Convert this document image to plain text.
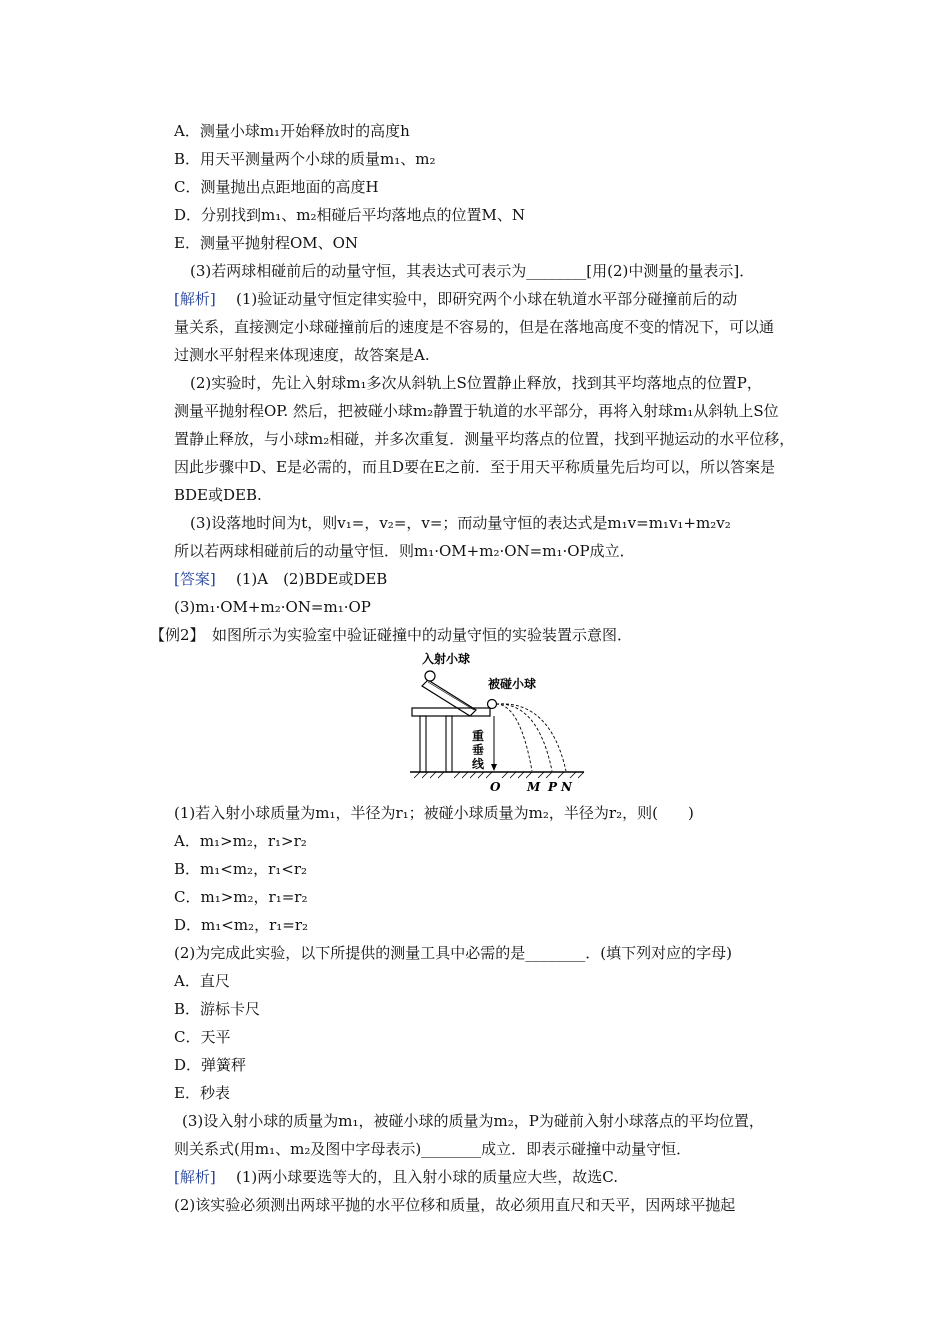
A．测量小球m₁开始释放时的高度h
B．用天平测量两个小球的质量m₁、m₂
C．测量抛出点距地面的高度H
D．分别找到m₁、m₂相碰后平均落地点的位置M、N
E．测量平抛射程OM、ON
(3)若两球相碰前后的动量守恒，其表达式可表示为________[用(2)中测量的量表示]．
[解析] (1)验证动量守恒定律实验中，即研究两个小球在轨道水平部分碰撞前后的动
量关系，直接测定小球碰撞前后的速度是不容易的，但是在落地高度不变的情况下，可以通
过测水平射程来体现速度，故答案是A.
(2)实验时，先让入射球m₁多次从斜轨上S位置静止释放，找到其平均落地点的位置P，
测量平抛射程OP. 然后，把被碰小球m₂静置于轨道的水平部分，再将入射球m₁从斜轨上S位
置静止释放，与小球m₂相碰，并多次重复．测量平均落点的位置，找到平抛运动的水平位移，
因此步骤中D、E是必需的，而且D要在E之前．至于用天平称质量先后均可以，所以答案是
BDE或DEB.
(3)设落地时间为t，则v₁=，v₂=，v=；而动量守恒的表达式是m₁v=m₁v₁+m₂v₂
所以若两球相碰前后的动量守恒．则m₁·OM+m₂·ON=m₁·OP成立．
[答案] (1)A　(2)BDE或DEB
(3)m₁·OM+m₂·ON=m₁·OP
【例2】　如图所示为实验室中验证碰撞中的动量守恒的实验装置示意图．
入射小球
被碰小球
重
垂
线
O M P N
(1)若入射小球质量为m₁，半径为r₁；被碰小球质量为m₂，半径为r₂，则(　　)
A．m₁>m₂，r₁>r₂
B．m₁<m₂，r₁<r₂
C．m₁>m₂，r₁=r₂
D．m₁<m₂，r₁=r₂
(2)为完成此实验，以下所提供的测量工具中必需的是________．(填下列对应的字母)
A．直尺
B．游标卡尺
C．天平
D．弹簧秤
E．秒表
(3)设入射小球的质量为m₁，被碰小球的质量为m₂，P为碰前入射小球落点的平均位置，
则关系式(用m₁、m₂及图中字母表示)________成立．即表示碰撞中动量守恒．
[解析] (1)两小球要选等大的，且入射小球的质量应大些，故选C.
(2)该实验必须测出两球平抛的水平位移和质量，故必须用直尺和天平，因两球平抛起
